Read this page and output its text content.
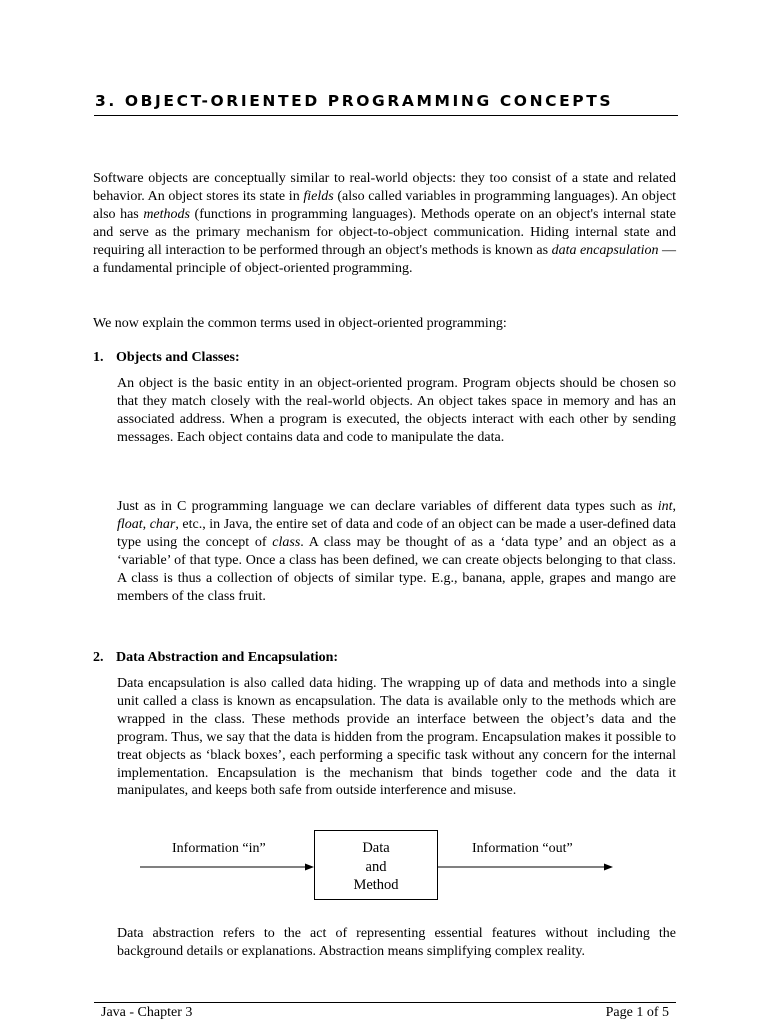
3. OBJECT-ORIENTED PROGRAMMING CONCEPTS

Software objects are conceptually similar to real-world objects: they too consist of a state and related behavior. An object stores its state in fields (also called variables in programming languages). An object also has methods (functions in programming languages). Methods operate on an object's internal state and serve as the primary mechanism for object-to-object communication. Hiding internal state and requiring all interaction to be performed through an object's methods is known as data encapsulation — a fundamental principle of object-oriented programming.

We now explain the common terms used in object-oriented programming:

1. Objects and Classes:

An object is the basic entity in an object-oriented program. Program objects should be chosen so that they match closely with the real-world objects. An object takes space in memory and has an associated address. When a program is executed, the objects interact with each other by sending messages. Each object contains data and code to manipulate the data.

Just as in C programming language we can declare variables of different data types such as int, float, char, etc., in Java, the entire set of data and code of an object can be made a user-defined data type using the concept of class. A class may be thought of as a ‘data type’ and an object as a ‘variable’ of that type. Once a class has been defined, we can create objects belonging to that class. A class is thus a collection of objects of similar type. E.g., banana, apple, grapes and mango are members of the class fruit.

2. Data Abstraction and Encapsulation:

Data encapsulation is also called data hiding. The wrapping up of data and methods into a single unit called a class is known as encapsulation. The data is available only to the methods which are wrapped in the class. These methods provide an interface between the object’s data and the program. Thus, we say that the data is hidden from the program. Encapsulation makes it possible to treat objects as ‘black boxes’, each performing a specific task without any concern for the internal implementation. Encapsulation is the mechanism that binds together code and the data it manipulates, and keeps both safe from outside interference and misuse.

Information “in”	Information “out”

Data
and
Method

Data abstraction refers to the act of representing essential features without including the background details or explanations. Abstraction means simplifying complex reality.

Java - Chapter 3	Page 1 of 5
